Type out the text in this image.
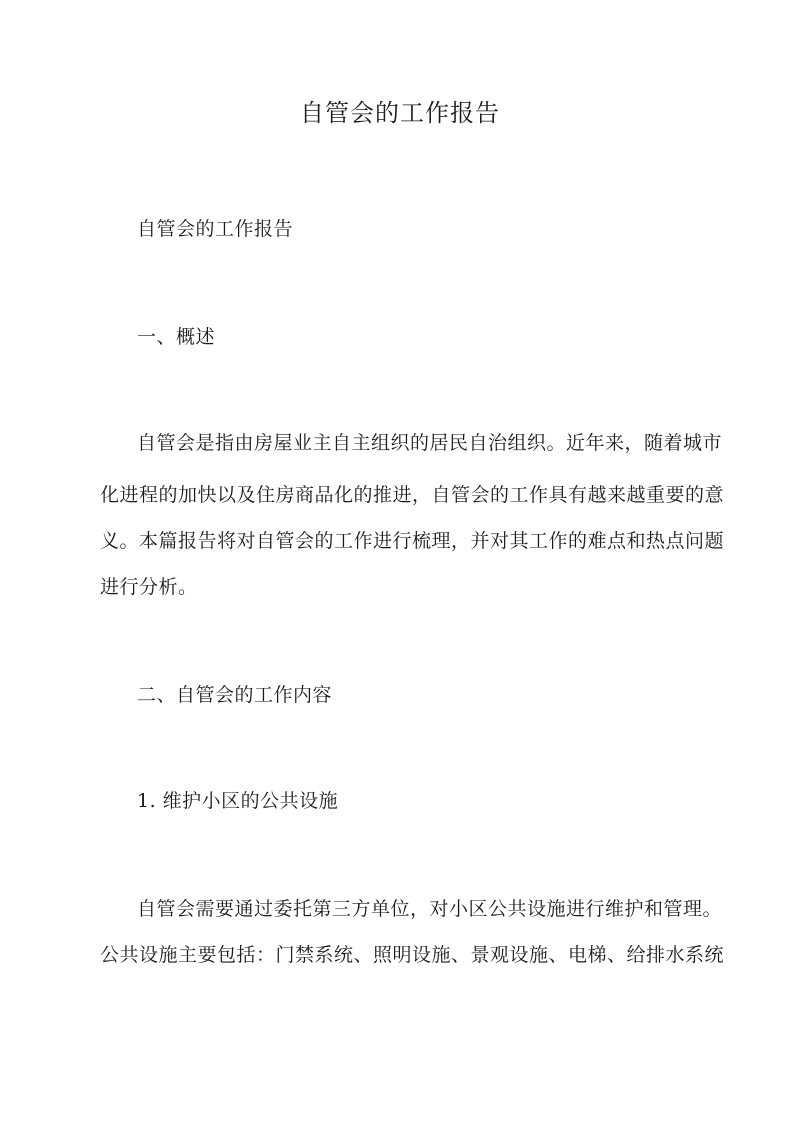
自管会的工作报告
自管会的工作报告
一、概述
自管会是指由房屋业主自主组织的居民自治组织。近年来，随着城市
化进程的加快以及住房商品化的推进，自管会的工作具有越来越重要的意
义。本篇报告将对自管会的工作进行梳理，并对其工作的难点和热点问题
进行分析。
二、自管会的工作内容
1. 维护小区的公共设施
自管会需要通过委托第三方单位，对小区公共设施进行维护和管理。
公共设施主要包括：门禁系统、照明设施、景观设施、电梯、给排水系统
